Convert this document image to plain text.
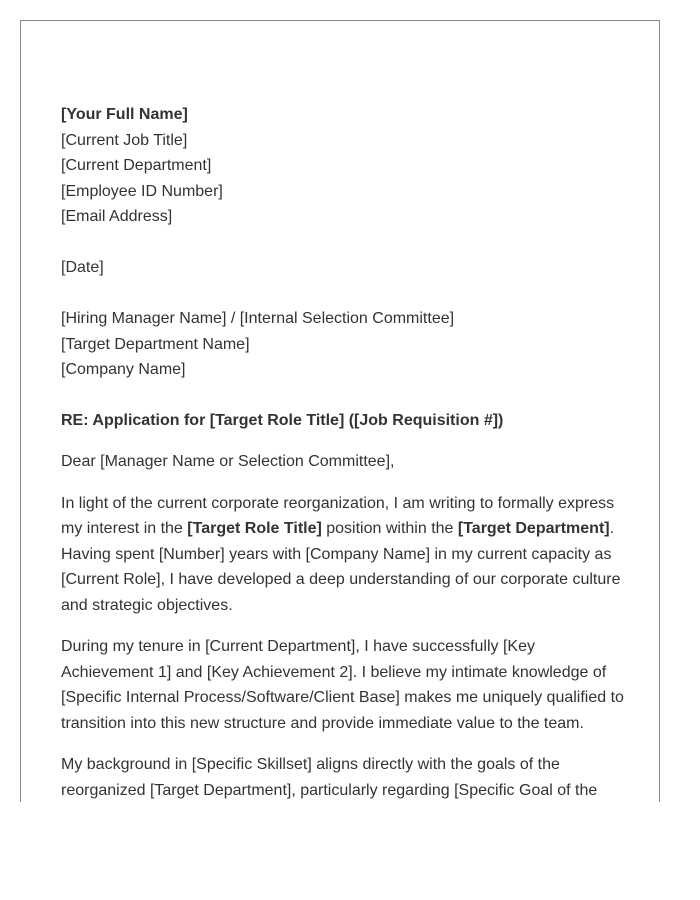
[Your Full Name]
[Current Job Title]
[Current Department]
[Employee ID Number]
[Email Address]
[Date]
[Hiring Manager Name] / [Internal Selection Committee]
[Target Department Name]
[Company Name]

RE: Application for [Target Role Title] ([Job Requisition #])

Dear [Manager Name or Selection Committee],

In light of the current corporate reorganization, I am writing to formally express my interest in the [Target Role Title] position within the [Target Department]. Having spent [Number] years with [Company Name] in my current capacity as [Current Role], I have developed a deep understanding of our corporate culture and strategic objectives.

During my tenure in [Current Department], I have successfully [Key Achievement 1] and [Key Achievement 2]. I believe my intimate knowledge of [Specific Internal Process/Software/Client Base] makes me uniquely qualified to transition into this new structure and provide immediate value to the team.

My background in [Specific Skillset] aligns directly with the goals of the reorganized [Target Department], particularly regarding [Specific Goal of the
